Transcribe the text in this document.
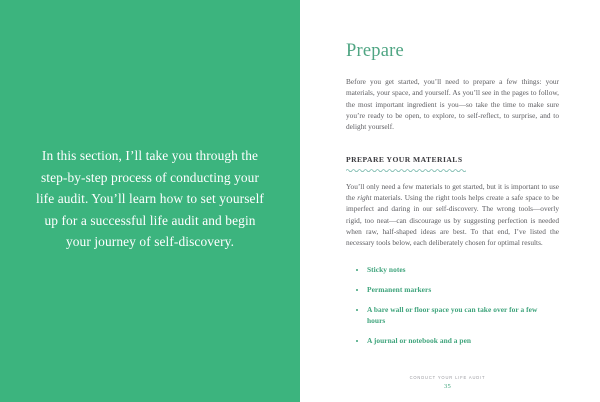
In this section, I’ll take you through the step-by-step process of conducting your life audit. You’ll learn how to set yourself up for a successful life audit and begin your journey of self-discovery.

Prepare

Before you get started, you’ll need to prepare a few things: your materials, your space, and yourself. As you’ll see in the pages to follow, the most important ingredient is you—so take the time to make sure you’re ready to be open, to explore, to self-reflect, to surprise, and to delight yourself.

PREPARE YOUR MATERIALS

You’ll only need a few materials to get started, but it is important to use the right materials. Using the right tools helps create a safe space to be imperfect and daring in our self-discovery. The wrong tools—overly rigid, too neat—can discourage us by suggesting perfection is needed when raw, half-shaped ideas are best. To that end, I’ve listed the necessary tools below, each deliberately chosen for optimal results.

Sticky notes
Permanent markers
A bare wall or floor space you can take over for a few hours
A journal or notebook and a pen
CONDUCT YOUR LIFE AUDIT
35
